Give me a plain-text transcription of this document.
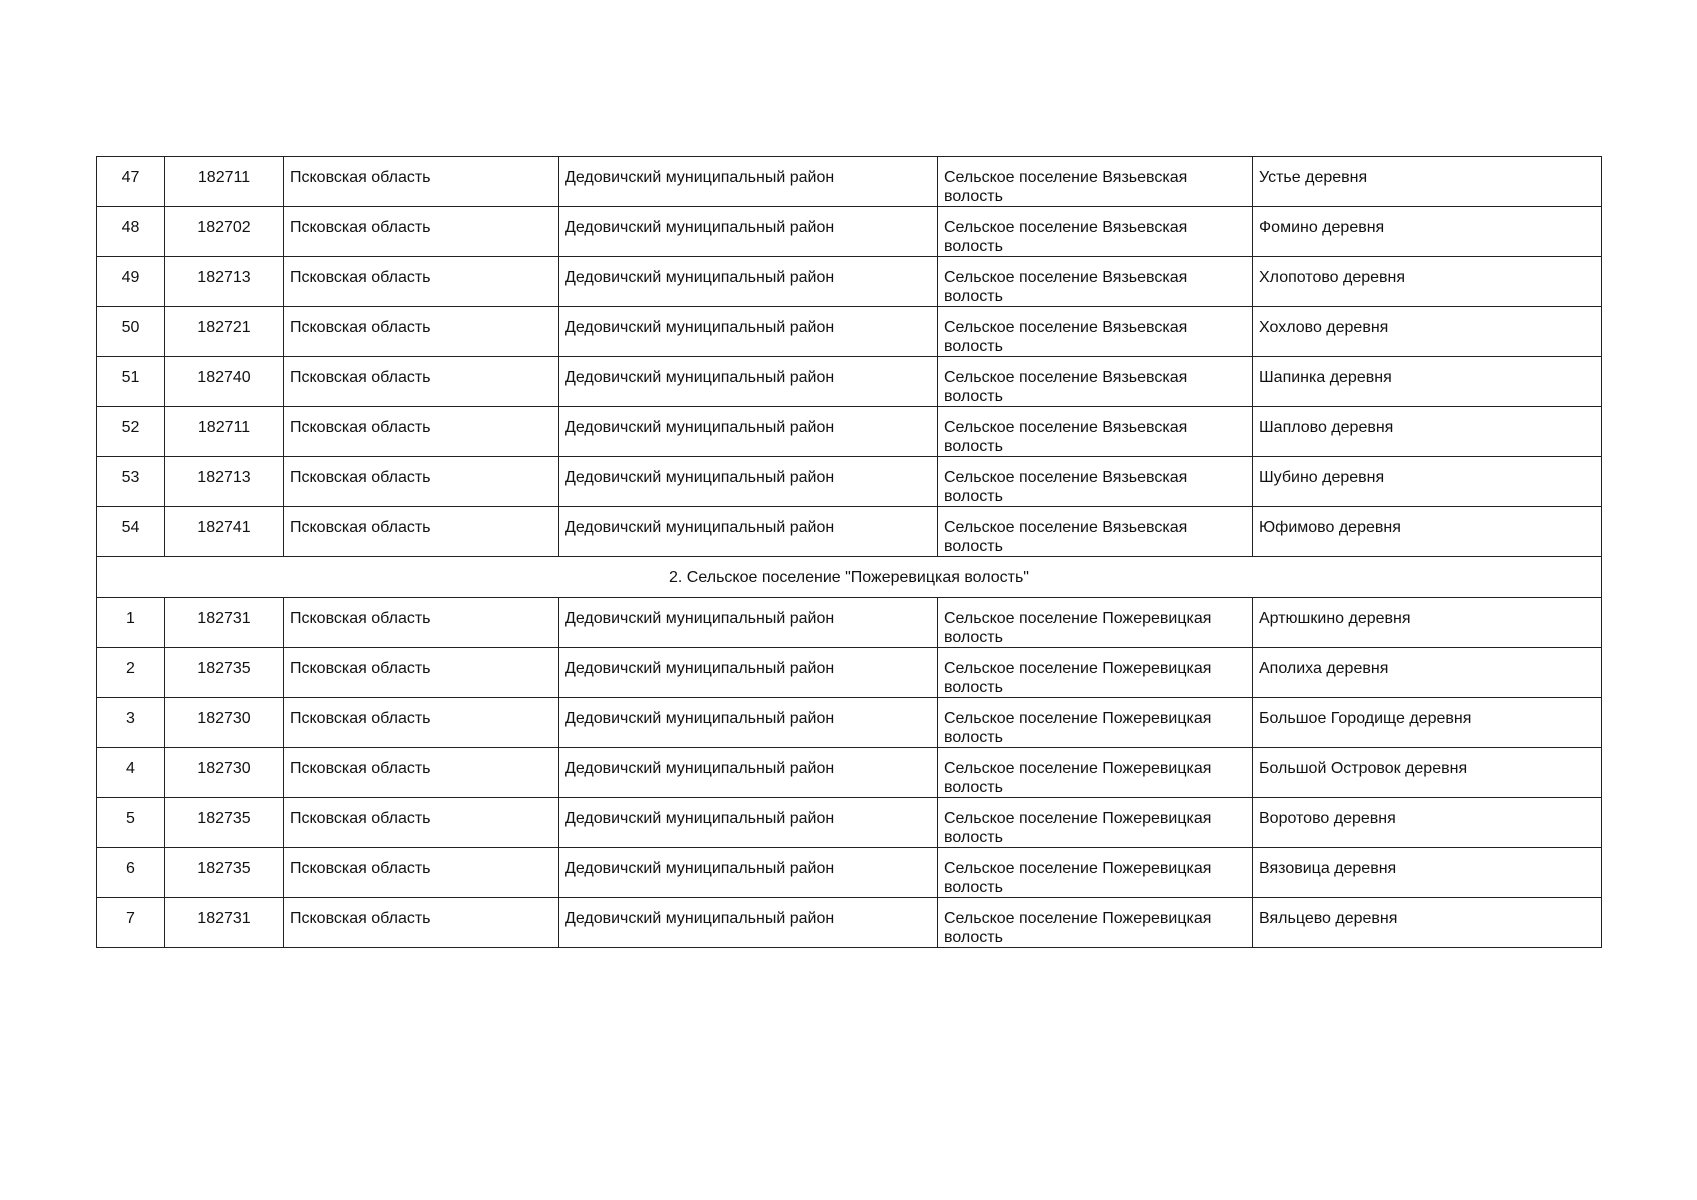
47	182711	Псковская область	Дедовичский муниципальный район	Сельское поселение Вязьевская волость	Устье деревня
48	182702	Псковская область	Дедовичский муниципальный район	Сельское поселение Вязьевская волость	Фомино деревня
49	182713	Псковская область	Дедовичский муниципальный район	Сельское поселение Вязьевская волость	Хлопотово деревня
50	182721	Псковская область	Дедовичский муниципальный район	Сельское поселение Вязьевская волость	Хохлово деревня
51	182740	Псковская область	Дедовичский муниципальный район	Сельское поселение Вязьевская волость	Шапинка деревня
52	182711	Псковская область	Дедовичский муниципальный район	Сельское поселение Вязьевская волость	Шаплово деревня
53	182713	Псковская область	Дедовичский муниципальный район	Сельское поселение Вязьевская волость	Шубино деревня
54	182741	Псковская область	Дедовичский муниципальный район	Сельское поселение Вязьевская волость	Юфимово деревня
2. Сельское поселение "Пожеревицкая волость"					
1	182731	Псковская область	Дедовичский муниципальный район	Сельское поселение Пожеревицкая волость	Артюшкино деревня
2	182735	Псковская область	Дедовичский муниципальный район	Сельское поселение Пожеревицкая волость	Аполиха деревня
3	182730	Псковская область	Дедовичский муниципальный район	Сельское поселение Пожеревицкая волость	Большое Городище деревня
4	182730	Псковская область	Дедовичский муниципальный район	Сельское поселение Пожеревицкая волость	Большой Островок деревня
5	182735	Псковская область	Дедовичский муниципальный район	Сельское поселение Пожеревицкая волость	Воротово деревня
6	182735	Псковская область	Дедовичский муниципальный район	Сельское поселение Пожеревицкая волость	Вязовица деревня
7	182731	Псковская область	Дедовичский муниципальный район	Сельское поселение Пожеревицкая волость	Вяльцево деревня
